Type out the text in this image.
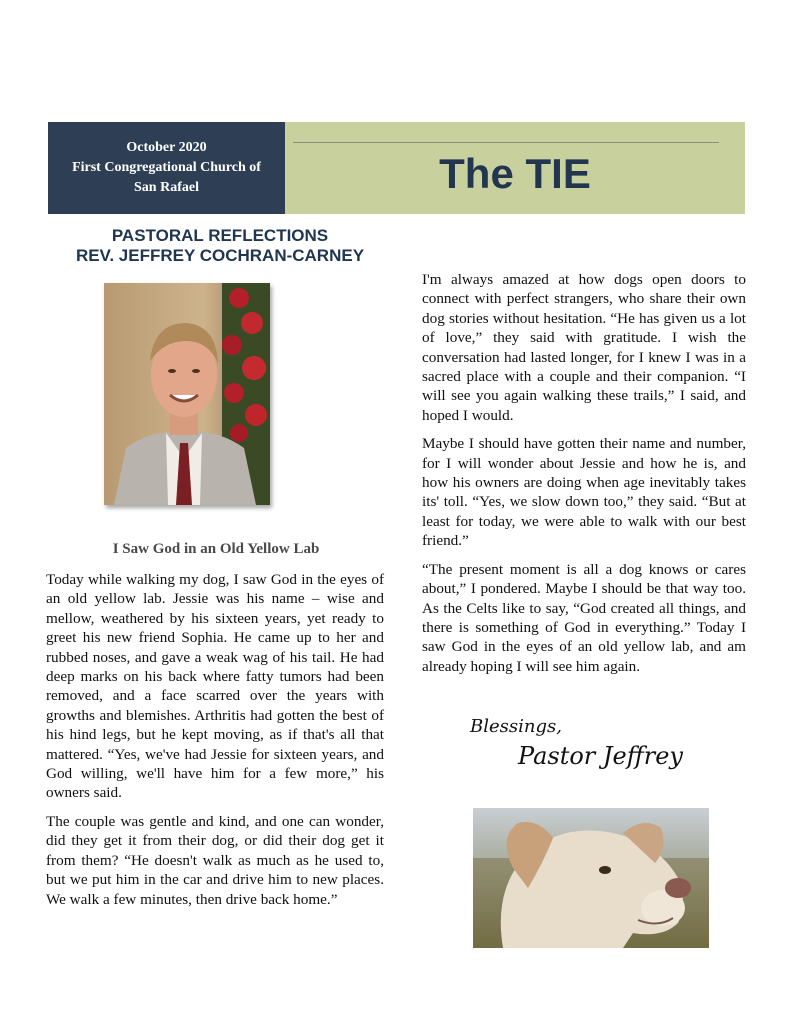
October 2020
First Congregational Church of
San Rafael	The TIE
PASTORAL REFLECTIONS
REV. JEFFREY COCHRAN-CARNEY
I Saw God in an Old Yellow Lab

Today while walking my dog, I saw God in the eyes of an old yellow lab. Jessie was his name – wise and mellow, weathered by his sixteen years, yet ready to greet his new friend Sophia. He came up to her and rubbed noses, and gave a weak wag of his tail. He had deep marks on his back where fatty tumors had been removed, and a face scarred over the years with growths and blemishes. Arthritis had gotten the best of his hind legs, but he kept moving, as if that's all that mattered. “Yes, we've had Jessie for sixteen years, and God willing, we'll have him for a few more,” his owners said.

The couple was gentle and kind, and one can wonder, did they get it from their dog, or did their dog get it from them? “He doesn't walk as much as he used to, but we put him in the car and drive him to new places. We walk a few minutes, then drive back home.”

I'm always amazed at how dogs open doors to connect with perfect strangers, who share their own dog stories without hesitation. “He has given us a lot of love,” they said with gratitude. I wish the conversation had lasted longer, for I knew I was in a sacred place with a couple and their companion. “I will see you again walking these trails,” I said, and hoped I would.

Maybe I should have gotten their name and number, for I will wonder about Jessie and how he is, and how his owners are doing when age inevitably takes its' toll. “Yes, we slow down too,” they said. “But at least for today, we were able to walk with our best friend.”

“The present moment is all a dog knows or cares about,” I pondered. Maybe I should be that way too. As the Celts like to say, “God created all things, and there is something of God in everything.” Today I saw God in the eyes of an old yellow lab, and am already hoping I will see him again.

Blessings,
Pastor Jeffrey
